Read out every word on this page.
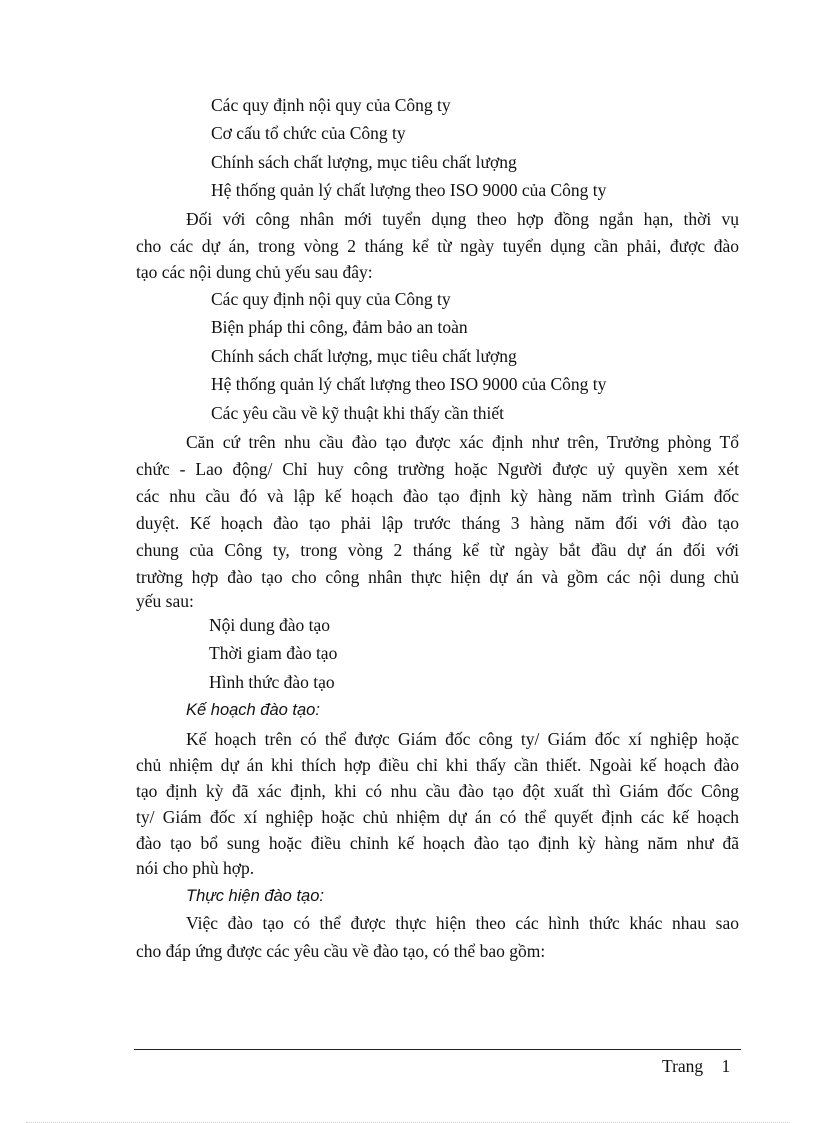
Các quy định nội quy của Công ty
Cơ cấu tổ chức của Công ty
Chính sách chất lượng, mục tiêu chất lượng
Hệ thống quản lý chất lượng theo ISO 9000 của Công ty
Đối với công nhân mới tuyển dụng theo hợp đồng ngắn hạn, thời vụ
cho các dự án, trong vòng 2 tháng kể từ ngày tuyển dụng cần phải, được đào
tạo các nội dung chủ yếu sau đây:
Các quy định nội quy của Công ty
Biện pháp thi công, đảm bảo an toàn
Chính sách chất lượng, mục tiêu chất lượng
Hệ thống quản lý chất lượng theo ISO 9000 của Công ty
Các yêu cầu về kỹ thuật khi thấy cần thiết
Căn cứ trên nhu cầu đào tạo được xác định như trên, Trưởng phòng Tổ
chức - Lao động/ Chỉ huy công trường hoặc Người được uỷ quyền xem xét
các nhu cầu đó và lập kế hoạch đào tạo định kỳ hàng năm trình Giám đốc
duyệt. Kế hoạch đào tạo phải lập trước tháng 3 hàng năm đối với đào tạo
chung của Công ty, trong vòng 2 tháng kể từ ngày bắt đầu dự án đối với
trường hợp đào tạo cho công nhân thực hiện dự án và gồm các nội dung chủ
yếu sau:
Nội dung đào tạo
Thời giam đào tạo
Hình thức đào tạo
Kế hoạch đào tạo:
Kế hoạch trên có thể được Giám đốc công ty/ Giám đốc xí nghiệp hoặc
chủ nhiệm dự án khi thích hợp điều chỉ khi thấy cần thiết. Ngoài kế hoạch đào
tạo định kỳ đã xác định, khi có nhu cầu đào tạo đột xuất thì Giám đốc Công
ty/ Giám đốc xí nghiệp hoặc chủ nhiệm dự án có thể quyết định các kế hoạch
đào tạo bổ sung hoặc điều chỉnh kế hoạch đào tạo định kỳ hàng năm như đã
nói cho phù hợp.
Thực hiện đào tạo:
Việc đào tạo có thể được thực hiện theo các hình thức khác nhau sao
cho đáp ứng được các yêu cầu về đào tạo, có thể bao gồm:
Trang 1
